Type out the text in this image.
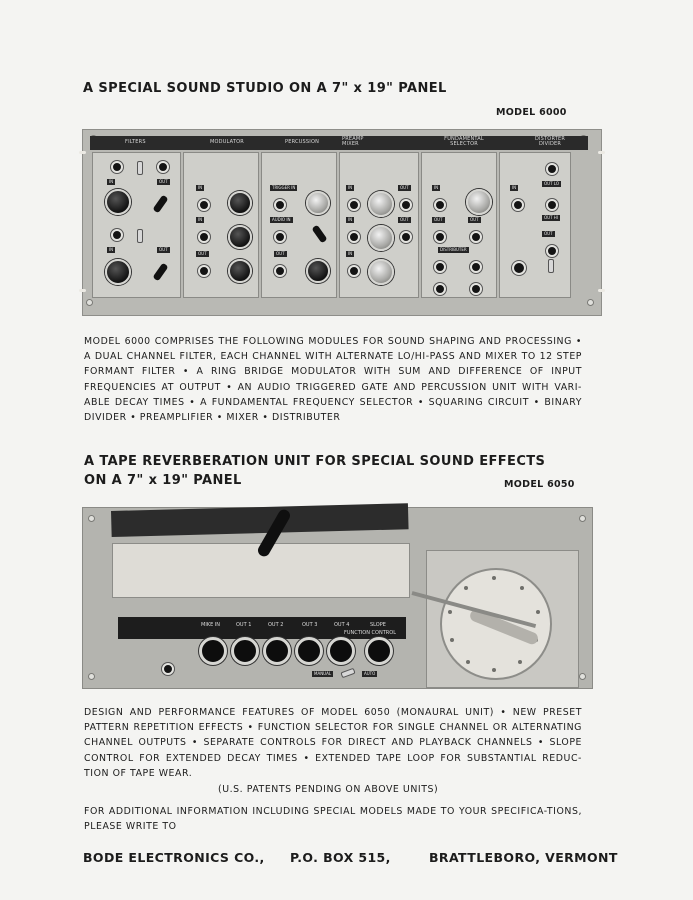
A SPECIAL SOUND STUDIO ON A 7" x 19" PANEL
MODEL 6000
FILTERS	MODULATOR	PERCUSSION	PREAMP MIXER
FUNDAMENTAL SELECTOR
DISTORTER DIVIDER
IN	OUT
IN	OUT
IN
IN
OUT
TRIGGER IN
AUDIO IN
OUT
IN	OUT
IN	OUT
IN
IN
OUT	OUT
DISTRIBUTER
IN
OUT LO
OUT HI
OUT

MODEL 6000 COMPRISES THE FOLLOWING MODULES FOR SOUND SHAPING AND PROCESSING • A DUAL CHANNEL FILTER, EACH CHANNEL WITH ALTERNATE LO/HI-PASS AND MIXER TO 12 STEP FORMANT FILTER • A RING BRIDGE MODULATOR WITH SUM AND DIFFERENCE OF INPUT FREQUENCIES AT OUTPUT • AN AUDIO TRIGGERED GATE AND PERCUSSION UNIT WITH VARI-ABLE DECAY TIMES • A FUNDAMENTAL FREQUENCY SELECTOR • SQUARING CIRCUIT • BINARY DIVIDER • PREAMPLIFIER • MIXER • DISTRIBUTER

A TAPE REVERBERATION UNIT FOR SPECIAL SOUND EFFECTS
ON A 7" x 19" PANEL	MODEL 6050
MIKE IN	OUT 1	OUT 2	OUT 3	OUT 4	SLOPE
FUNCTION CONTROL
MANUAL	AUTO

DESIGN AND PERFORMANCE FEATURES OF MODEL 6050 (MONAURAL UNIT) • NEW PRESET PATTERN REPETITION EFFECTS • FUNCTION SELECTOR FOR SINGLE CHANNEL OR ALTERNATING CHANNEL OUTPUTS • SEPARATE CONTROLS FOR DIRECT AND PLAYBACK CHANNELS • SLOPE CONTROL FOR EXTENDED DECAY TIMES • EXTENDED TAPE LOOP FOR SUBSTANTIAL REDUC-TION OF TAPE WEAR.

(U.S. PATENTS PENDING ON ABOVE UNITS)

FOR ADDITIONAL INFORMATION INCLUDING SPECIAL MODELS MADE TO YOUR SPECIFICA-TIONS, PLEASE WRITE TO

BODE ELECTRONICS CO., P.O. BOX 515,	BRATTLEBORO, VERMONT
